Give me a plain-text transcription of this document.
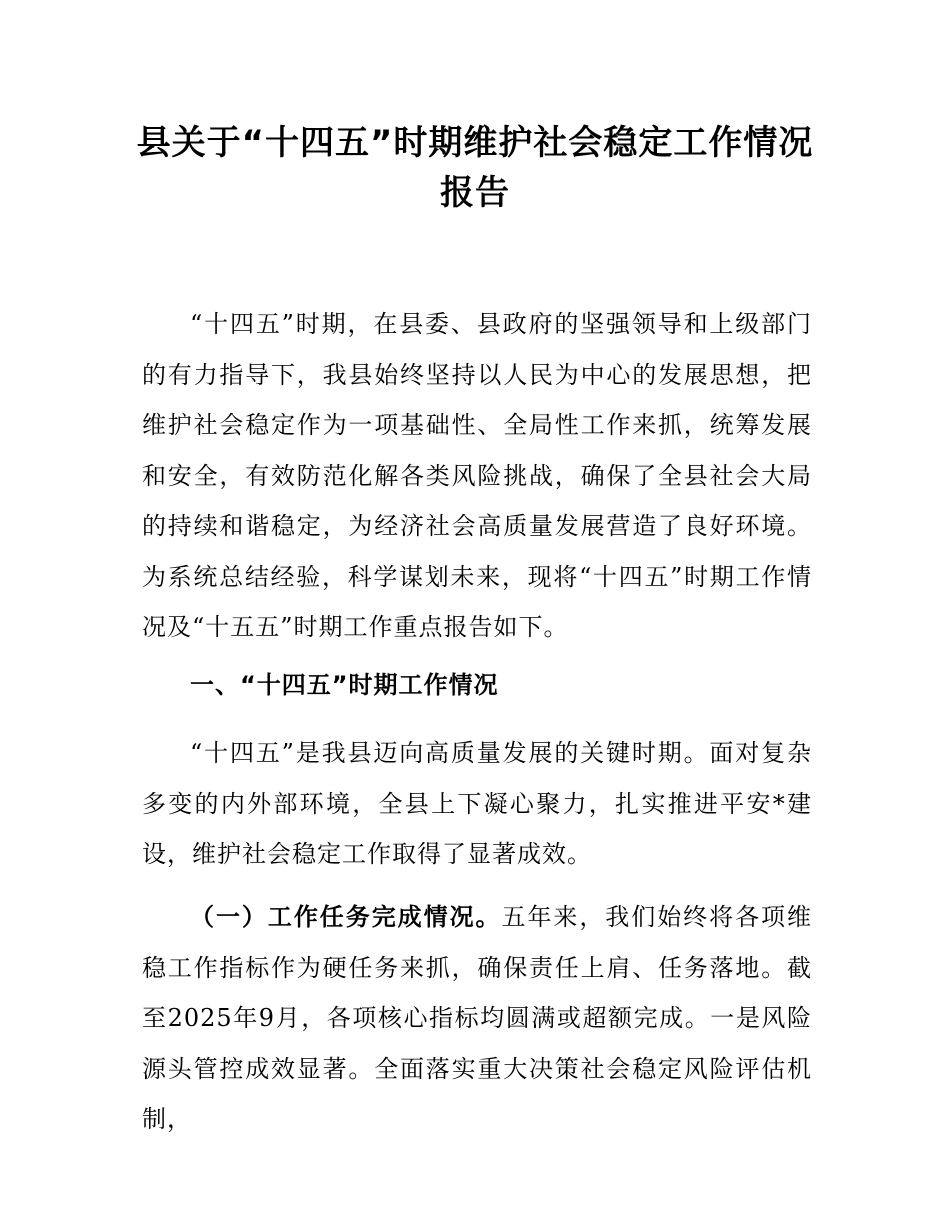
县关于“十四五”时期维护社会稳定工作情况报告

“十四五”时期，在县委、县政府的坚强领导和上级部门的有力指导下，我县始终坚持以人民为中心的发展思想，把维护社会稳定作为一项基础性、全局性工作来抓，统筹发展和安全，有效防范化解各类风险挑战，确保了全县社会大局的持续和谐稳定，为经济社会高质量发展营造了良好环境。为系统总结经验，科学谋划未来，现将“十四五”时期工作情况及“十五五”时期工作重点报告如下。

一、“十四五”时期工作情况

“十四五”是我县迈向高质量发展的关键时期。面对复杂多变的内外部环境，全县上下凝心聚力，扎实推进平安*建设，维护社会稳定工作取得了显著成效。

（一）工作任务完成情况。五年来，我们始终将各项维稳工作指标作为硬任务来抓，确保责任上肩、任务落地。截至2025年9月，各项核心指标均圆满或超额完成。一是风险源头管控成效显著。全面落实重大决策社会稳定风险评估机制，
